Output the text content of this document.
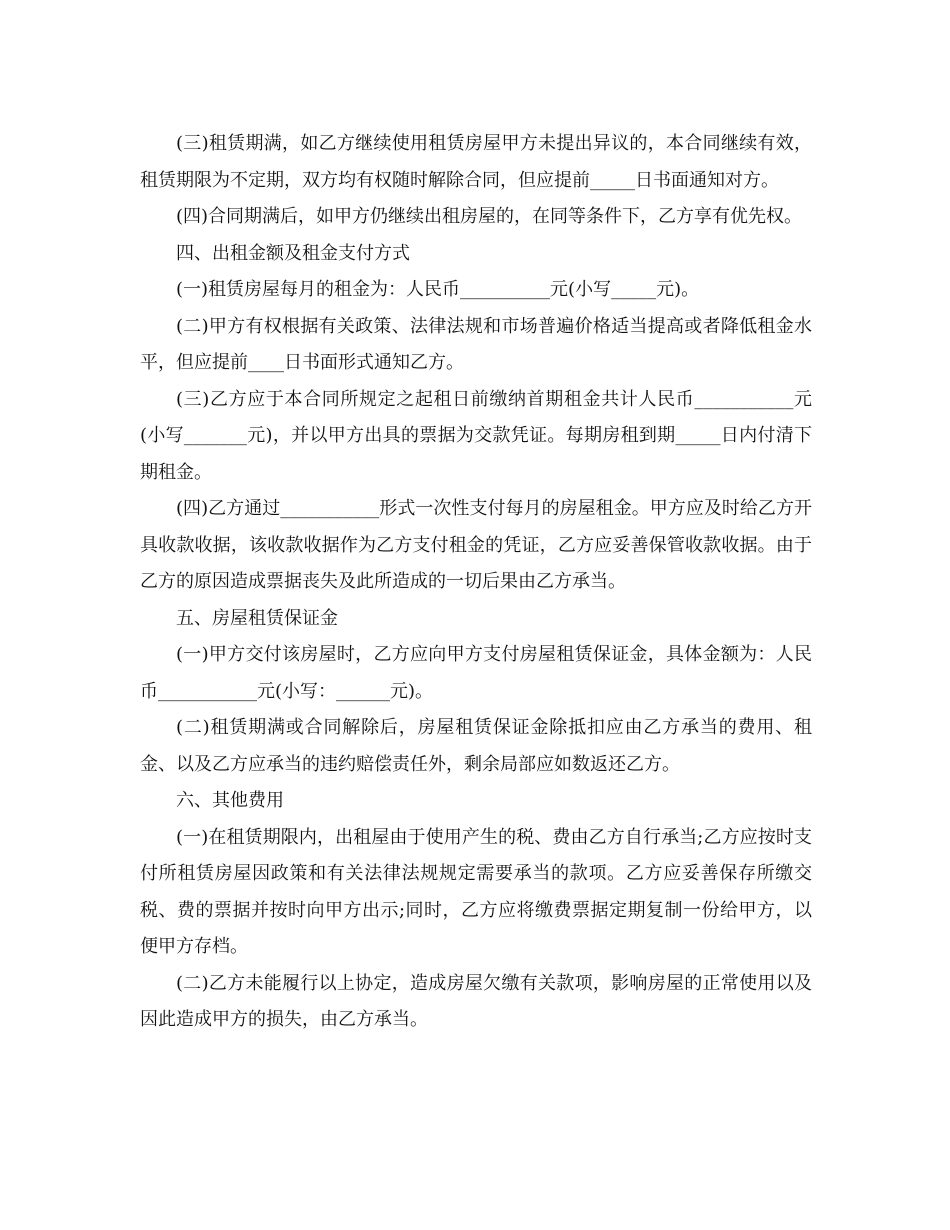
(三)租赁期满，如乙方继续使用租赁房屋甲方未提出异议的，本合同继续有效，租赁期限为不定期，双方均有权随时解除合同，但应提前_____日书面通知对方。

(四)合同期满后，如甲方仍继续出租房屋的，在同等条件下，乙方享有优先权。

四、出租金额及租金支付方式

(一)租赁房屋每月的租金为：人民币__________元(小写_____元)。

(二)甲方有权根据有关政策、法律法规和市场普遍价格适当提高或者降低租金水平，但应提前____日书面形式通知乙方。

(三)乙方应于本合同所规定之起租日前缴纳首期租金共计人民币___________元(小写_______元)，并以甲方出具的票据为交款凭证。每期房租到期_____日内付清下期租金。

(四)乙方通过___________形式一次性支付每月的房屋租金。甲方应及时给乙方开具收款收据，该收款收据作为乙方支付租金的凭证，乙方应妥善保管收款收据。由于乙方的原因造成票据丧失及此所造成的一切后果由乙方承当。

五、房屋租赁保证金

(一)甲方交付该房屋时，乙方应向甲方支付房屋租赁保证金，具体金额为：人民币___________元(小写：______元)。

(二)租赁期满或合同解除后，房屋租赁保证金除抵扣应由乙方承当的费用、租金、以及乙方应承当的违约赔偿责任外，剩余局部应如数返还乙方。

六、其他费用

(一)在租赁期限内，出租屋由于使用产生的税、费由乙方自行承当;乙方应按时支付所租赁房屋因政策和有关法律法规规定需要承当的款项。乙方应妥善保存所缴交税、费的票据并按时向甲方出示;同时，乙方应将缴费票据定期复制一份给甲方，以便甲方存档。

(二)乙方未能履行以上协定，造成房屋欠缴有关款项，影响房屋的正常使用以及因此造成甲方的损失，由乙方承当。
